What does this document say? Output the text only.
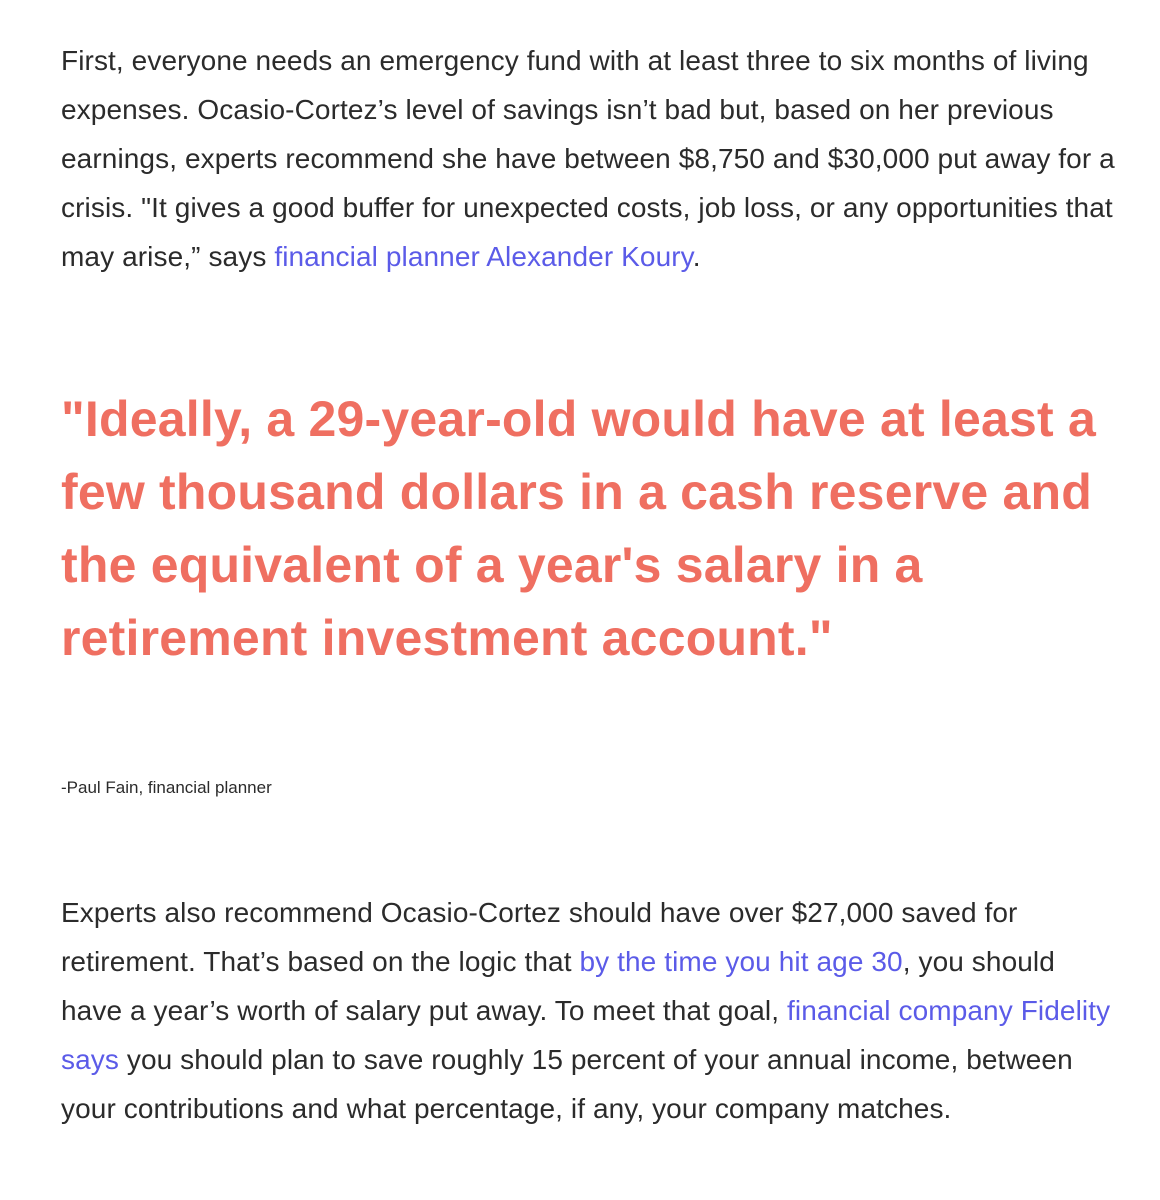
First, everyone needs an emergency fund with at least three to six months of living expenses. Ocasio-Cortez’s level of savings isn’t bad but, based on her previous earnings, experts recommend she have between $8,750 and $30,000 put away for a crisis. "It gives a good buffer for unexpected costs, job loss, or any opportunities that may arise,” says financial planner Alexander Koury.

"Ideally, a 29-year-old would have at least a few thousand dollars in a cash reserve and the equivalent of a year's salary in a retirement investment account."

-Paul Fain, financial planner

Experts also recommend Ocasio-Cortez should have over $27,000 saved for retirement. That’s based on the logic that by the time you hit age 30, you should have a year’s worth of salary put away. To meet that goal, financial company Fidelity says you should plan to save roughly 15 percent of your annual income, between your contributions and what percentage, if any, your company matches.
